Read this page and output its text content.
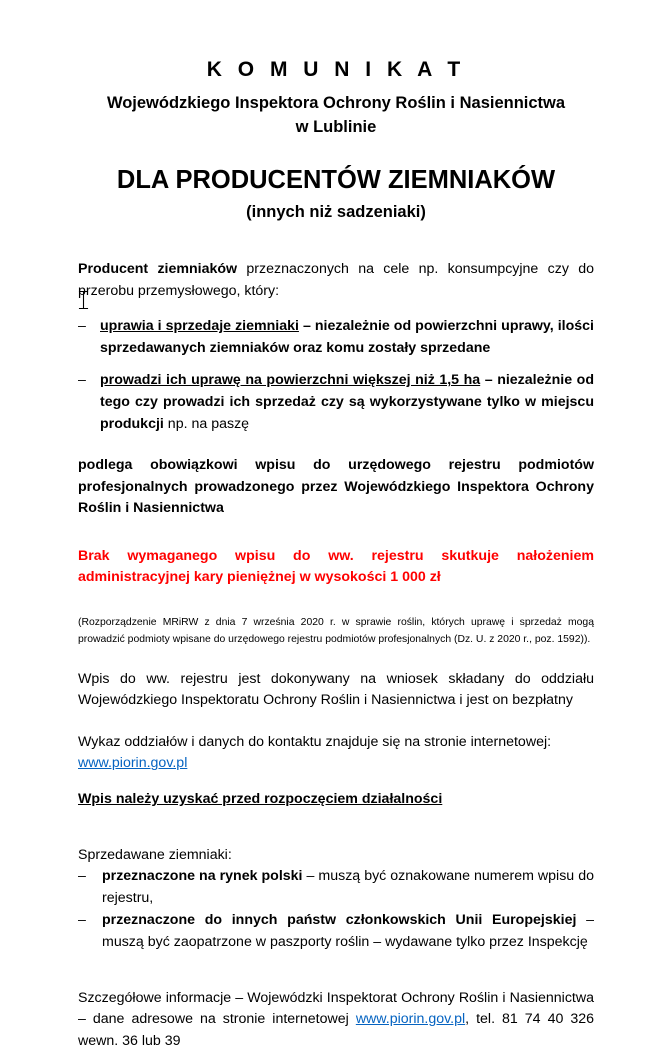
K O M U N I K A T
Wojewódzkiego Inspektora Ochrony Roślin i Nasiennictwa
w Lublinie
DLA PRODUCENTÓW ZIEMNIAKÓW
(innych niż sadzeniaki)

Producent ziemniaków przeznaczonych na cele np. konsumpcyjne czy do przerobu przemysłowego, który:

– uprawia i sprzedaje ziemniaki – niezależnie od powierzchni uprawy, ilości sprzedawanych ziemniaków oraz komu zostały sprzedane
– prowadzi ich uprawę na powierzchni większej niż 1,5 ha – niezależnie od tego czy prowadzi ich sprzedaż czy są wykorzystywane tylko w miejscu produkcji np. na paszę

podlega obowiązkowi wpisu do urzędowego rejestru podmiotów profesjonalnych prowadzonego przez Wojewódzkiego Inspektora Ochrony Roślin i Nasiennictwa

Brak wymaganego wpisu do ww. rejestru skutkuje nałożeniem administracyjnej kary pieniężnej w wysokości 1 000 zł

(Rozporządzenie MRiRW z dnia 7 września 2020 r. w sprawie roślin, których uprawę i sprzedaż mogą prowadzić podmioty wpisane do urzędowego rejestru podmiotów profesjonalnych (Dz. U. z 2020 r., poz. 1592)).

Wpis do ww. rejestru jest dokonywany na wniosek składany do oddziału Wojewódzkiego Inspektoratu Ochrony Roślin i Nasiennictwa i jest on bezpłatny

Wykaz oddziałów i danych do kontaktu znajduje się na stronie internetowej:

www.piorin.gov.pl

Wpis należy uzyskać przed rozpoczęciem działalności

Sprzedawane ziemniaki:

– przeznaczone na rynek polski – muszą być oznakowane numerem wpisu do rejestru,
– przeznaczone do innych państw członkowskich Unii Europejskiej – muszą być zaopatrzone w paszporty roślin – wydawane tylko przez Inspekcję

Szczegółowe informacje – Wojewódzki Inspektorat Ochrony Roślin i Nasiennictwa – dane adresowe na stronie internetowej www.piorin.gov.pl, tel. 81 74 40 326 wewn. 36 lub 39
